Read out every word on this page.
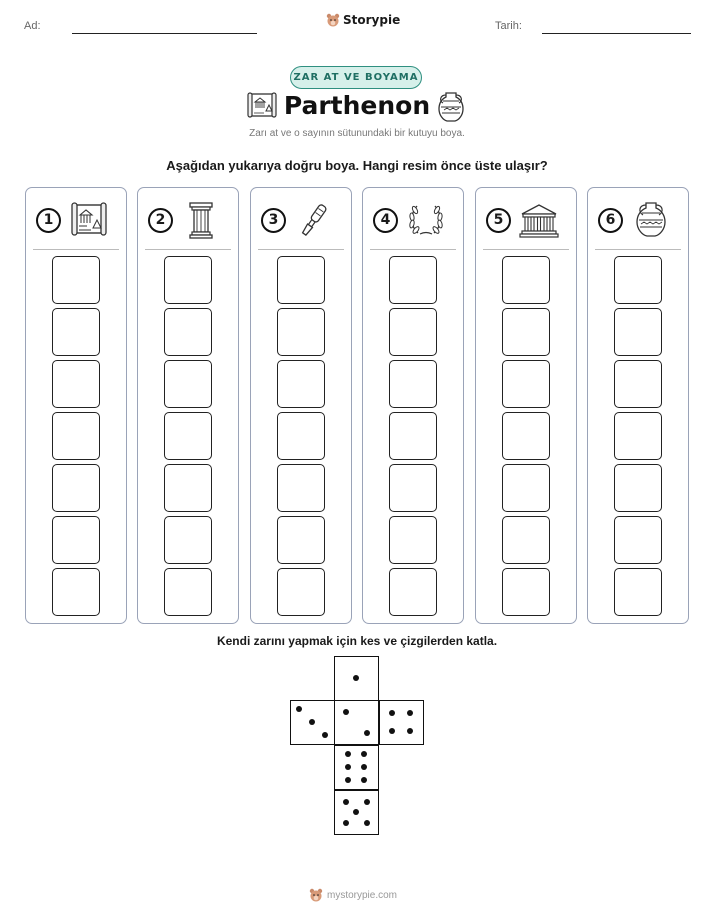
Ad:	Storypie	Tarih:
ZAR AT VE BOYAMA
Parthenon
Zarı at ve o sayının sütunundaki bir kutuyu boya.
Aşağıdan yukarıya doğru boya. Hangi resim önce üste ulaşır?
1	2	3	4	5	6
Kendi zarını yapmak için kes ve çizgilerden katla.
mystorypie.com
